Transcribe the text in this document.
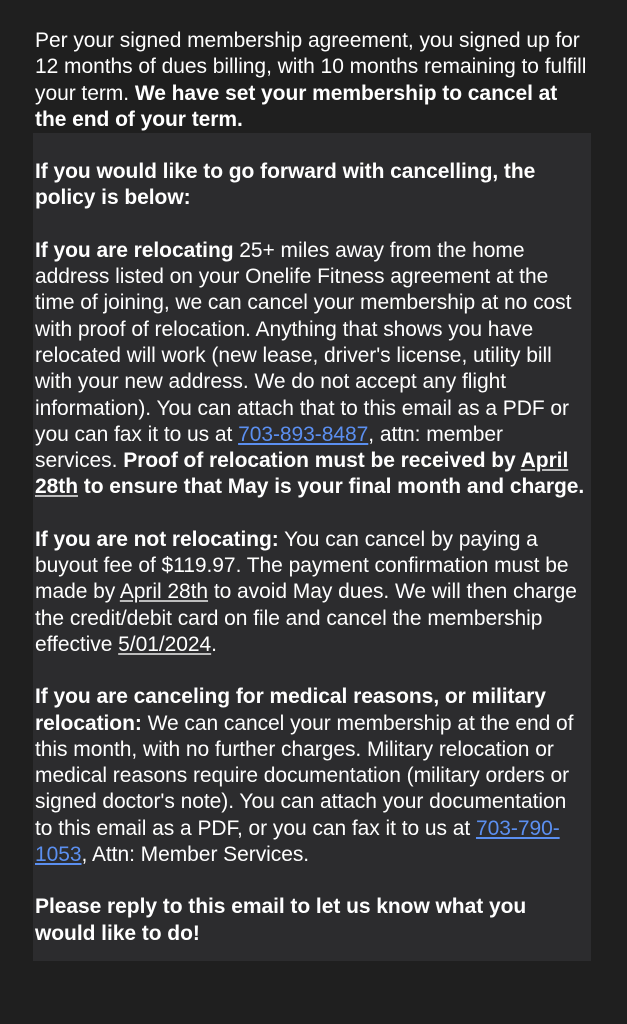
Per your signed membership agreement, you signed up for 12 months of dues billing, with 10 months remaining to fulfill your term. We have set your membership to cancel at the end of your term.

If you would like to go forward with cancelling, the policy is below:

If you are relocating 25+ miles away from the home address listed on your Onelife Fitness agreement at the time of joining, we can cancel your membership at no cost with proof of relocation. Anything that shows you have relocated will work (new lease, driver's license, utility bill with your new address. We do not accept any flight information). You can attach that to this email as a PDF or you can fax it to us at 703-893-8487, attn: member services. Proof of relocation must be received by April 28th to ensure that May is your final month and charge.

If you are not relocating: You can cancel by paying a buyout fee of $119.97. The payment confirmation must be made by April 28th to avoid May dues. We will then charge the credit/debit card on file and cancel the membership effective 5/01/2024.

If you are canceling for medical reasons, or military relocation: We can cancel your membership at the end of this month, with no further charges. Military relocation or medical reasons require documentation (military orders or signed doctor's note). You can attach your documentation to this email as a PDF, or you can fax it to us at 703-790-1053, Attn: Member Services.

Please reply to this email to let us know what you would like to do!
